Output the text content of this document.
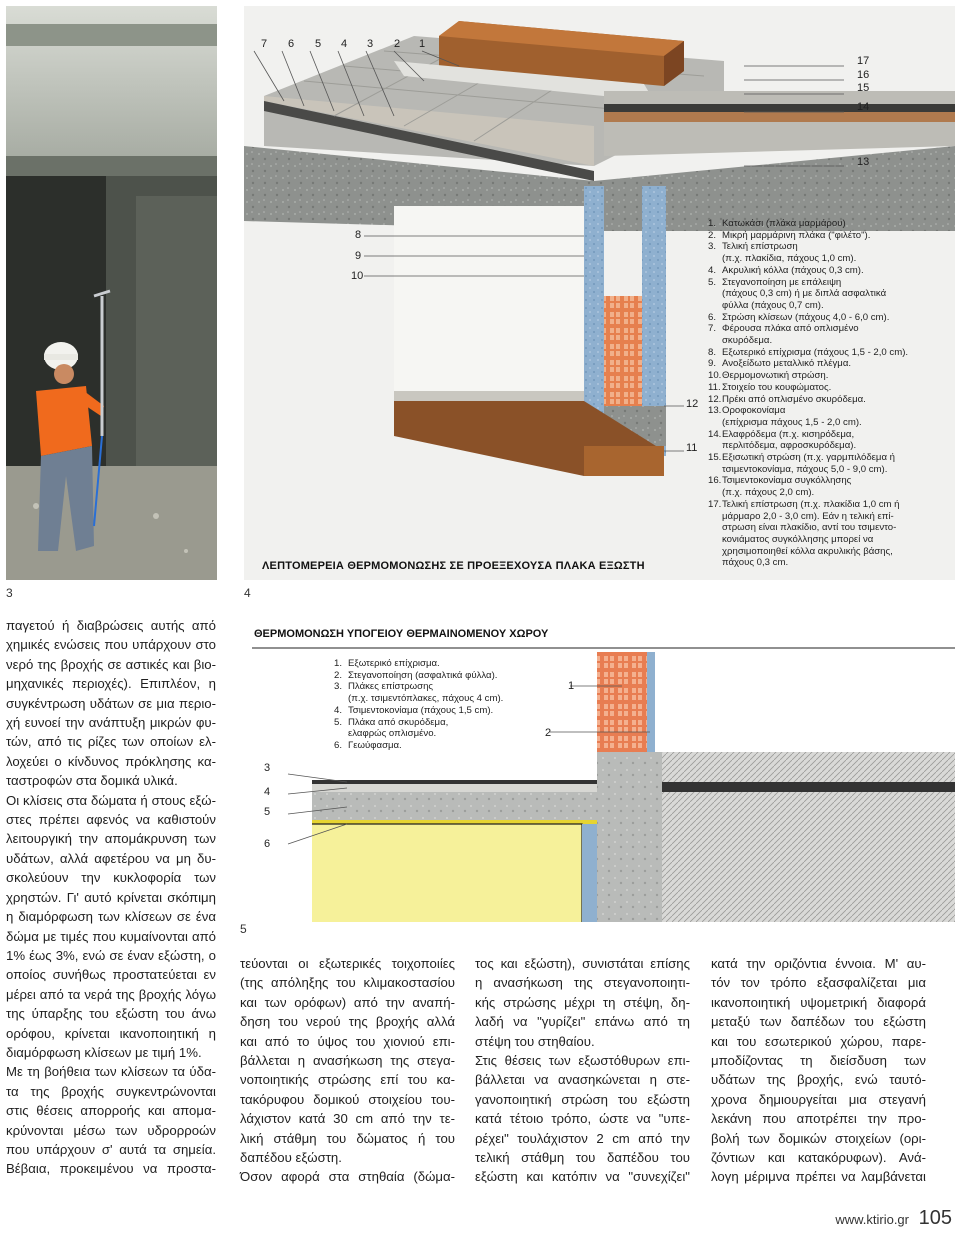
3
7 6 5 4 3 2 1
17
16
15
14
13
8
9
10
12
11
ΛΕΠΤΟΜΕΡΕΙΑ ΘΕΡΜΟΜΟΝΩΣΗΣ ΣΕ ΠΡΟΕΞΕΧΟΥΣΑ ΠΛΑΚΑ ΕΞΩΣΤΗ
1. Κατωκάσι (πλάκα μαρμάρου)
2. Μικρή μαρμάρινη πλάκα ("φιλέτο").
3. Τελική επίστρωση
(π.χ. πλακίδια, πάχους 1,0 cm).
4. Ακρυλική κόλλα (πάχους 0,3 cm).
5. Στεγανοποίηση με επάλειψη
(πάχους 0,3 cm) ή με διπλά ασφαλτικά
φύλλα (πάχους 0,7 cm).
6. Στρώση κλίσεων (πάχους 4,0 - 6,0 cm).
7. Φέρουσα πλάκα από οπλισμένο
σκυρόδεμα.
8. Εξωτερικό επίχρισμα (πάχους 1,5 - 2,0 cm).
9. Ανοξείδωτο μεταλλικό πλέγμα.
10. Θερμομονωτική στρώση.
11. Στοιχείο του κουφώματος.
12. Πρέκι από οπλισμένο σκυρόδεμα.
13. Οροφοκονίαμα
(επίχρισμα πάχους 1,5 - 2,0 cm).
14. Ελαφρόδεμα (π.χ. κισηρόδεμα,
περλιτόδεμα, αφροσκυρόδεμα).
15. Εξισωτική στρώση (π.χ. γαρμπιλόδεμα ή
τσιμεντοκονίαμα, πάχους 5,0 - 9,0 cm).
16. Τσιμεντοκονίαμα συγκόλλησης
(π.χ. πάχους 2,0 cm).
17. Τελική επίστρωση (π.χ. πλακίδια 1,0 cm ή
μάρμαρο 2,0 - 3,0 cm). Εάν η τελική επί-
στρωση είναι πλακίδιο, αντί του τσιμεντο-
κονιάματος συγκόλλησης μπορεί να
χρησιμοποιηθεί κόλλα ακρυλικής βάσης,
πάχους 0,3 cm.
4
ΘΕΡΜΟΜΟΝΩΣΗ ΥΠΟΓΕΙΟΥ ΘΕΡΜΑΙΝΟΜΕΝΟΥ ΧΩΡΟΥ
1. Εξωτερικό επίχρισμα.
2. Στεγανοποίηση (ασφαλτικά φύλλα).
3. Πλάκες επίστρωσης
(π.χ. τσιμεντόπλακες, πάχους 4 cm).
4. Τσιμεντοκονίαμα (πάχους 1,5 cm).
5. Πλάκα από σκυρόδεμα,
ελαφρώς οπλισμένο.
6. Γεωύφασμα.
3
4
5
6
1
2
5
παγετού ή διαβρώσεις αυτής από
χημικές ενώσεις που υπάρχουν στο
νερό της βροχής σε αστικές και βιο-
μηχανικές περιοχές). Επιπλέον, η
συγκέντρωση υδάτων σε μια περιο-
χή ευνοεί την ανάπτυξη μικρών φυ-
τών, από τις ρίζες των οποίων ελ-
λοχεύει ο κίνδυνος πρόκλησης κα-
ταστροφών στα δομικά υλικά.
Οι κλίσεις στα δώματα ή στους εξώ-
στες πρέπει αφενός να καθιστούν
λειτουργική την απομάκρυνση των
υδάτων, αλλά αφετέρου να μη δυ-
σκολεύουν την κυκλοφορία των
χρηστών. Γι' αυτό κρίνεται σκόπιμη
η διαμόρφωση των κλίσεων σε ένα
δώμα με τιμές που κυμαίνονται από
1% έως 3%, ενώ σε έναν εξώστη, ο
οποίος συνήθως προστατεύεται εν
μέρει από τα νερά της βροχής λόγω
της ύπαρξης του εξώστη του άνω
ορόφου, κρίνεται ικανοποιητική η
διαμόρφωση κλίσεων με τιμή 1%.
Με τη βοήθεια των κλίσεων τα ύδα-
τα της βροχής συγκεντρώνονται
στις θέσεις απορροής και απομα-
κρύνονται μέσω των υδρορροών
που υπάρχουν σ' αυτά τα σημεία.
Βέβαια, προκειμένου να προστα-
τεύονται οι εξωτερικές τοιχοποιίες
(της απόληξης του κλιμακοστασίου
και των ορόφων) από την αναπή-
δηση του νερού της βροχής αλλά
και από το ύψος του χιονιού επι-
βάλλεται η ανασήκωση της στεγα-
νοποιητικής στρώσης επί του κα-
τακόρυφου δομικού στοιχείου του-
λάχιστον κατά 30 cm από την τε-
λική στάθμη του δώματος ή του
δαπέδου εξώστη.
Όσον αφορά στα στηθαία (δώμα-
τος και εξώστη), συνιστάται επίσης
η ανασήκωση της στεγανοποιητι-
κής στρώσης μέχρι τη στέψη, δη-
λαδή να "γυρίζει" επάνω από τη
στέψη του στηθαίου.
Στις θέσεις των εξωστόθυρων επι-
βάλλεται να ανασηκώνεται η στε-
γανοποιητική στρώση του εξώστη
κατά τέτοιο τρόπο, ώστε να "υπε-
ρέχει" τουλάχιστον 2 cm από την
τελική στάθμη του δαπέδου του
εξώστη και κατόπιν να "συνεχίζει"
κατά την οριζόντια έννοια. Μ' αυ-
τόν τον τρόπο εξασφαλίζεται μια
ικανοποιητική υψομετρική διαφορά
μεταξύ των δαπέδων του εξώστη
και του εσωτερικού χώρου, παρε-
μποδίζοντας τη διείσδυση των
υδάτων της βροχής, ενώ ταυτό-
χρονα δημιουργείται μια στεγανή
λεκάνη που αποτρέπει την προ-
βολή των δομικών στοιχείων (ορι-
ζόντιων και κατακόρυφων). Ανά-
λογη μέριμνα πρέπει να λαμβάνεται
www.ktirio.gr 105
